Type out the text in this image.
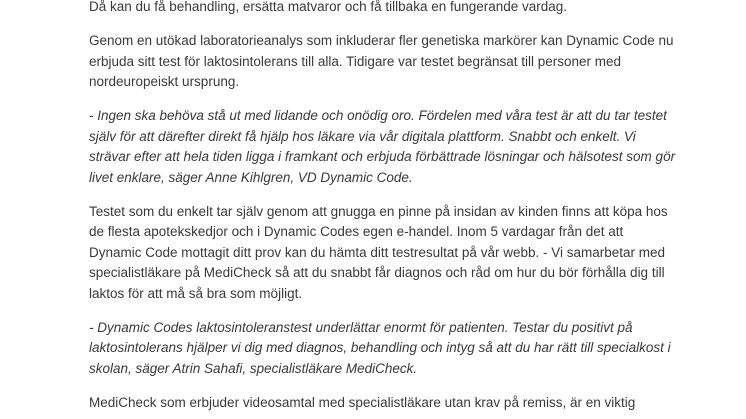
Då kan du få behandling, ersätta matvaror och få tillbaka en fungerande vardag.

Genom en utökad laboratorieanalys som inkluderar fler genetiska markörer kan Dynamic Code nu
erbjuda sitt test för laktosintolerans till alla. Tidigare var testet begränsat till personer med
nordeuropeiskt ursprung.

- Ingen ska behöva stå ut med lidande och onödig oro. Fördelen med våra test är att du tar testet
själv för att därefter direkt få hjälp hos läkare via vår digitala plattform. Snabbt och enkelt. Vi
strävar efter att hela tiden ligga i framkant och erbjuda förbättrade lösningar och hälsotest som gör
livet enklare, säger Anne Kihlgren, VD Dynamic Code.

Testet som du enkelt tar själv genom att gnugga en pinne på insidan av kinden finns att köpa hos
de flesta apotekskedjor och i Dynamic Codes egen e-handel. Inom 5 vardagar från det att
Dynamic Code mottagit ditt prov kan du hämta ditt testresultat på vår webb. - Vi samarbetar med
specialistläkare på MediCheck så att du snabbt får diagnos och råd om hur du bör förhålla dig till
laktos för att må så bra som möjligt.

- Dynamic Codes laktosintoleranstest underlättar enormt för patienten. Testar du positivt på
laktosintolerans hjälper vi dig med diagnos, behandling och intyg så att du har rätt till specialkost i
skolan, säger Atrin Sahafi, specialistläkare MediCheck.

MediCheck som erbjuder videosamtal med specialistläkare utan krav på remiss, är en viktig
